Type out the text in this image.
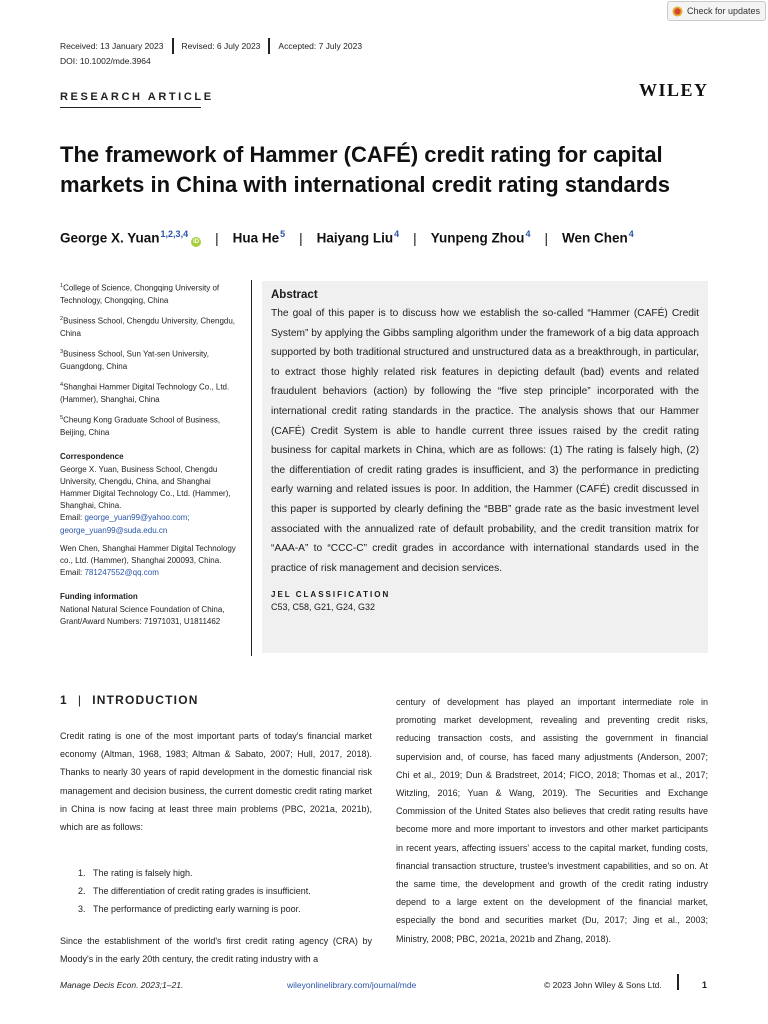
Check for updates
Received: 13 January 2023 Revised: 6 July 2023 Accepted: 7 July 2023
DOI: 10.1002/mde.3964
RESEARCH ARTICLE	WILEY
The framework of Hammer (CAFÉ) credit rating for capital markets in China with international credit rating standards
George X. Yuan$^{1,2,3,4}$
iD | Hua He$^5$ | Haiyang Liu$^4$ | Yunpeng Zhou$^4$ | Wen Chen$^4$
$^1$College of Science, Chongqing University of Technology, Chongqing, China
$^2$Business School, Chengdu University, Chengdu, China
$^3$Business School, Sun Yat-sen University, Guangdong, China
$^4$Shanghai Hammer Digital Technology Co., Ltd. (Hammer), Shanghai, China
$^5$Cheung Kong Graduate School of Business, Beijing, China
Correspondence
George X. Yuan, Business School, Chengdu University, Chengdu, China, and Shanghai Hammer Digital Technology Co., Ltd. (Hammer), Shanghai, China.
Email: george_yuan99@yahoo.com;
george_yuan99@suda.edu.cn
Wen Chen, Shanghai Hammer Digital Technology co., Ltd. (Hammer), Shanghai 200093, China.
Email: 781247552@qq.com
Funding information
National Natural Science Foundation of China, Grant/Award Numbers: 71971031, U1811462
Abstract
The goal of this paper is to discuss how we establish the so-called “Hammer (CAFÉ) Credit System” by applying the Gibbs sampling algorithm under the framework of a big data approach supported by both traditional structured and unstructured data as a breakthrough, in particular, to extract those highly related risk features in depicting default (bad) events and related fraudulent behaviors (action) by following the “five step principle” incorporated with the international credit rating standards in the practice. The analysis shows that our Hammer (CAFÉ) Credit System is able to handle current three issues raised by the credit rating business for capital markets in China, which are as follows: (1) The rating is falsely high, (2) the differentiation of credit rating grades is insufficient, and 3) the performance in predicting early warning and related issues is poor. In addition, the Hammer (CAFÉ) credit discussed in this paper is supported by clearly defining the “BBB” grade rate as the basic investment level associated with the annualized rate of default probability, and the credit transition matrix for “AAA-A” to “CCC-C” credit grades in accordance with international standards used in the practice of risk management and decision services.
JEL CLASSIFICATION
C53, C58, G21, G24, G32
1 | INTRODUCTION
Credit rating is one of the most important parts of today's financial market economy (Altman, 1968, 1983; Altman & Sabato, 2007; Hull, 2017, 2018). Thanks to nearly 30 years of rapid development in the domestic financial risk management and decision business, the current domestic credit rating market in China is now facing at least three main problems (PBC, 2021a, 2021b), which are as follows:
1. The rating is falsely high.
2. The differentiation of credit rating grades is insufficient.
3. The performance of predicting early warning is poor.
Since the establishment of the world's first credit rating agency (CRA) by Moody's in the early 20th century, the credit rating industry with a
century of development has played an important intermediate role in promoting market development, revealing and preventing credit risks, reducing transaction costs, and assisting the government in financial supervision and, of course, has faced many adjustments (Anderson, 2007; Chi et al., 2019; Dun & Bradstreet, 2014; FICO, 2018; Thomas et al., 2017; Witzling, 2016; Yuan & Wang, 2019). The Securities and Exchange Commission of the United States also believes that credit rating results have become more and more important to investors and other market participants in recent years, affecting issuers' access to the capital market, funding costs, financial transaction structure, trustee's investment capabilities, and so on. At the same time, the development and growth of the credit rating industry depend to a large extent on the development of the financial market, especially the bond and securities market (Du, 2017; Jing et al., 2003; Ministry, 2008; PBC, 2021a, 2021b and Zhang, 2018).
Manage Decis Econ. 2023;1–21.	wileyonlinelibrary.com/journal/mde	© 2023 John Wiley & Sons Ltd.	1
